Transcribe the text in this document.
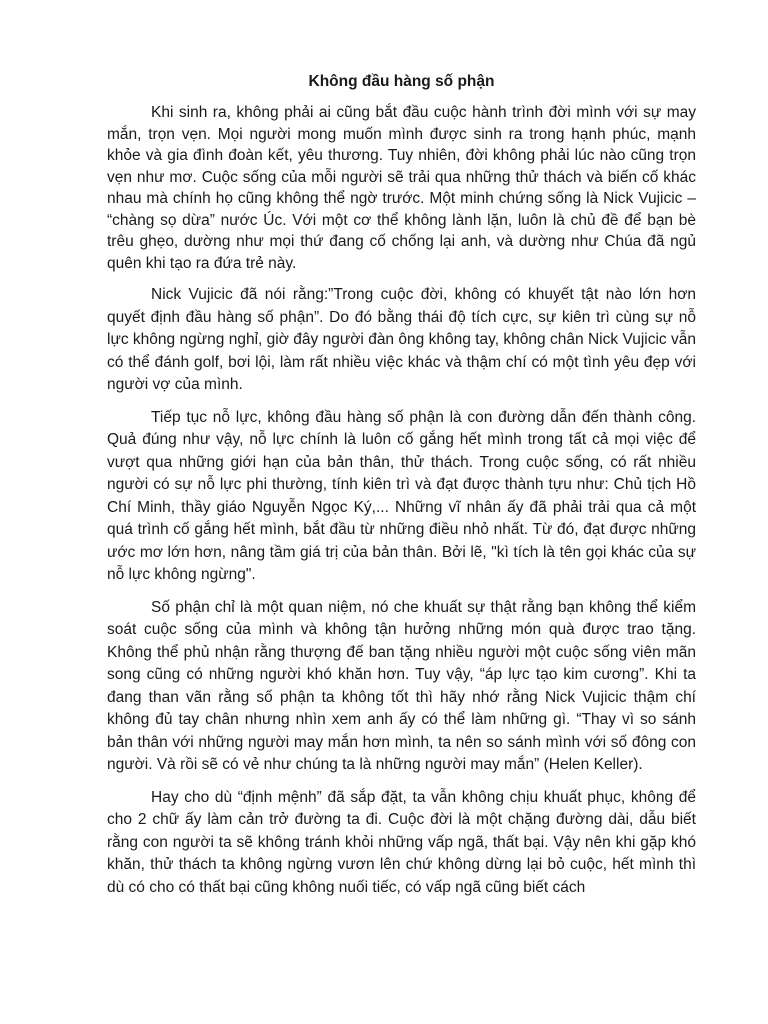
Không đầu hàng số phận

Khi sinh ra, không phải ai cũng bắt đầu cuộc hành trình đời mình với sự may mắn, trọn vẹn. Mọi người mong muốn mình được sinh ra trong hạnh phúc, mạnh khỏe và gia đình đoàn kết, yêu thương. Tuy nhiên, đời không phải lúc nào cũng trọn vẹn như mơ. Cuộc sống của mỗi người sẽ trải qua những thử thách và biến cố khác nhau mà chính họ cũng không thể ngờ trước. Một minh chứng sống là Nick Vujicic – “chàng sọ dừa” nước Úc. Với một cơ thể không lành lặn, luôn là chủ đề để bạn bè trêu ghẹo, dường như mọi thứ đang cố chống lại anh, và dường như Chúa đã ngủ quên khi tạo ra đứa trẻ này.

Nick Vujicic đã nói rằng:”Trong cuộc đời, không có khuyết tật nào lớn hơn quyết định đầu hàng số phận”. Do đó bằng thái độ tích cực, sự kiên trì cùng sự nỗ lực không ngừng nghỉ, giờ đây người đàn ông không tay, không chân Nick Vujicic vẫn có thể đánh golf, bơi lội, làm rất nhiều việc khác và thậm chí có một tình yêu đẹp với người vợ của mình.

Tiếp tục nỗ lực, không đầu hàng số phận là con đường dẫn đến thành công. Quả đúng như vậy, nỗ lực chính là luôn cố gắng hết mình trong tất cả mọi việc để vượt qua những giới hạn của bản thân, thử thách. Trong cuộc sống, có rất nhiều người có sự nỗ lực phi thường, tính kiên trì và đạt được thành tựu như: Chủ tịch Hồ Chí Minh, thầy giáo Nguyễn Ngọc Ký,... Những vĩ nhân ấy đã phải trải qua cả một quá trình cố gắng hết mình, bắt đầu từ những điều nhỏ nhất. Từ đó, đạt được những ước mơ lớn hơn, nâng tầm giá trị của bản thân. Bởi lẽ, "kì tích là tên gọi khác của sự nỗ lực không ngừng".

Số phận chỉ là một quan niệm, nó che khuất sự thật rằng bạn không thể kiểm soát cuộc sống của mình và không tận hưởng những món quà được trao tặng. Không thể phủ nhận rằng thượng đế ban tặng nhiều người một cuộc sống viên mãn song cũng có những người khó khăn hơn. Tuy vậy, “áp lực tạo kim cương”. Khi ta đang than vãn rằng số phận ta không tốt thì hãy nhớ rằng Nick Vujicic thậm chí không đủ tay chân nhưng nhìn xem anh ấy có thể làm những gì. “Thay vì so sánh bản thân với những người may mắn hơn mình, ta nên so sánh mình với số đông con người. Và rồi sẽ có vẻ như chúng ta là những người may mắn” (Helen Keller).

Hay cho dù “định mệnh” đã sắp đặt, ta vẫn không chịu khuất phục, không để cho 2 chữ ấy làm cản trở đường ta đi. Cuộc đời là một chặng đường dài, dẫu biết rằng con người ta sẽ không tránh khỏi những vấp ngã, thất bại. Vậy nên khi gặp khó khăn, thử thách ta không ngừng vươn lên chứ không dừng lại bỏ cuộc, hết mình thì dù có cho có thất bại cũng không nuối tiếc, có vấp ngã cũng biết cách
